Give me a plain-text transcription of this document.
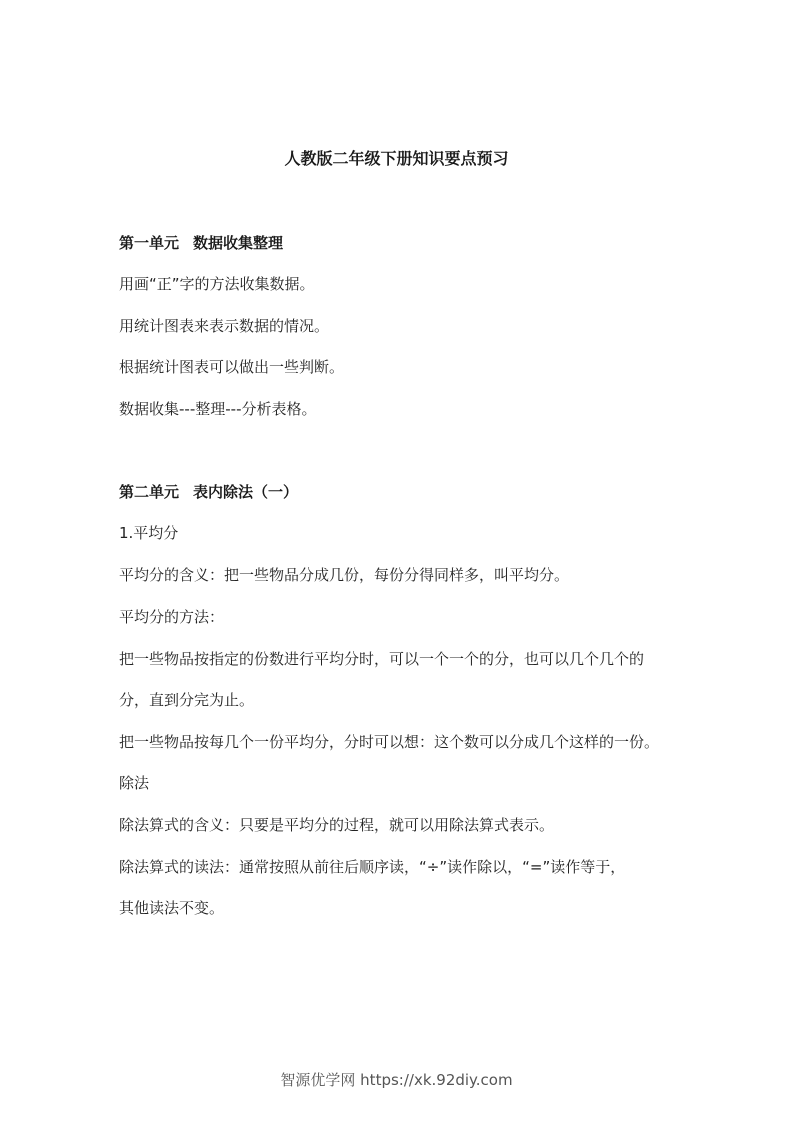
人教版二年级下册知识要点预习
第一单元 数据收集整理
用画“正”字的方法收集数据。
用统计图表来表示数据的情况。
根据统计图表可以做出一些判断。
数据收集---整理---分析表格。
第二单元 表内除法（一）
1.平均分
平均分的含义：把一些物品分成几份，每份分得同样多，叫平均分。
平均分的方法：
把一些物品按指定的份数进行平均分时，可以一个一个的分，也可以几个几个的
分，直到分完为止。
把一些物品按每几个一份平均分，分时可以想：这个数可以分成几个这样的一份。
除法
除法算式的含义：只要是平均分的过程，就可以用除法算式表示。
除法算式的读法：通常按照从前往后顺序读，“÷”读作除以，“=”读作等于，
其他读法不变。
智源优学网 https://xk.92diy.com
